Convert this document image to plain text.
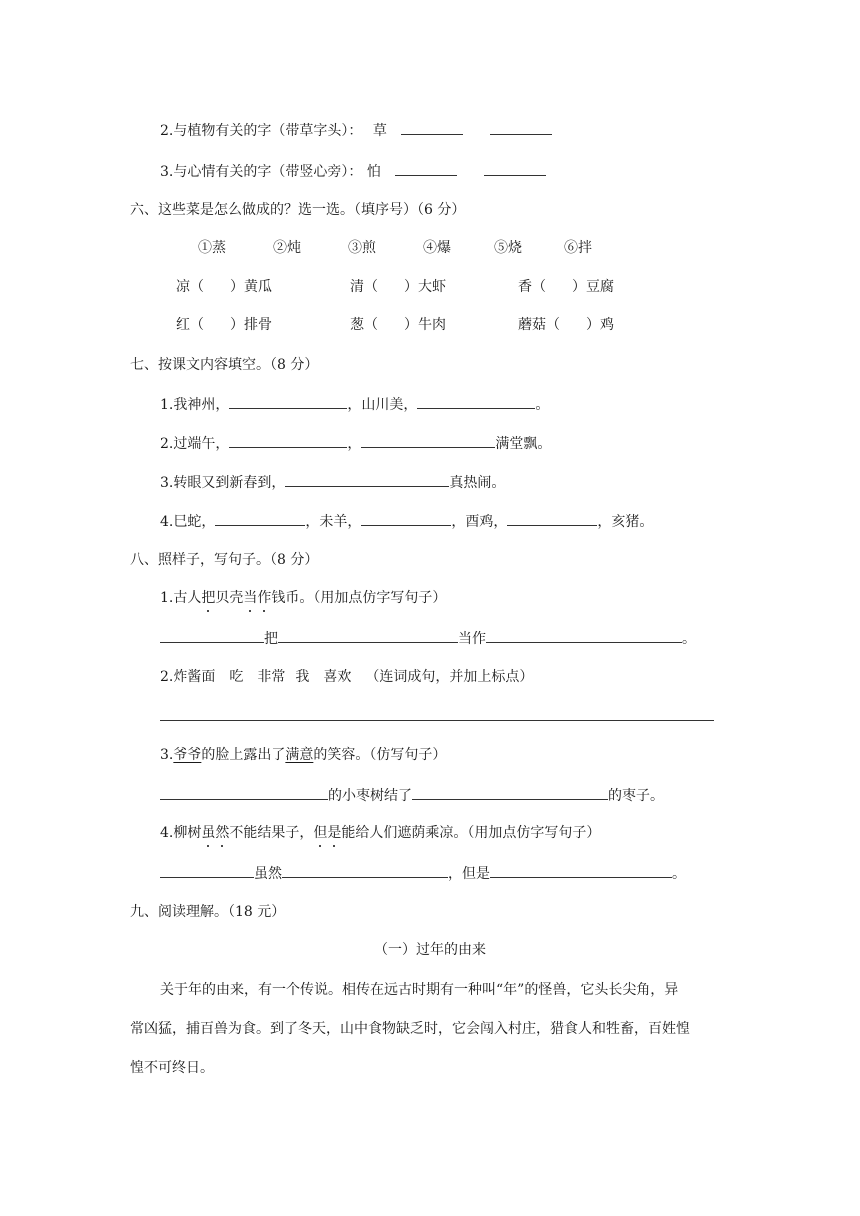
2.与植物有关的字（带草字头）： 草
3.与心情有关的字（带竖心旁）： 怕
六、这些菜是怎么做成的？选一选。（填序号）（6 分）
①蒸	②炖	③煎	④爆	⑤烧	⑥拌
凉（ ）黄瓜	清（ ）大虾	香（ ）豆腐
红（ ）排骨	葱（ ）牛肉	蘑菇（ ）鸡
七、按课文内容填空。（8 分）
1.我神州，	，山川美，	。
2.过端午，	，	满堂飘。
3.转眼又到新春到，	真热闹。
4.巳蛇，	，未羊，	，酉鸡，	，亥猪。
八、照样子，写句子。（8 分）
1.古人把贝壳当作钱币。（用加点仿字写句子）
把	当作	。
2.炸酱面 吃 非常 我 喜欢 （连词成句，并加上标点）
3.爷爷的脸上露出了满意的笑容。（仿写句子）
的小枣树结了	的枣子。
4.柳树虽然不能结果子，但是能给人们遮荫乘凉。（用加点仿字写句子）
虽然	，但是	。
九、阅读理解。（18 元）
（一）过年的由来
关于年的由来，有一个传说。相传在远古时期有一种叫“年”的怪兽，它头长尖角，异
常凶猛，捕百兽为食。到了冬天，山中食物缺乏时，它会闯入村庄，猎食人和牲畜，百姓惶
惶不可终日。
